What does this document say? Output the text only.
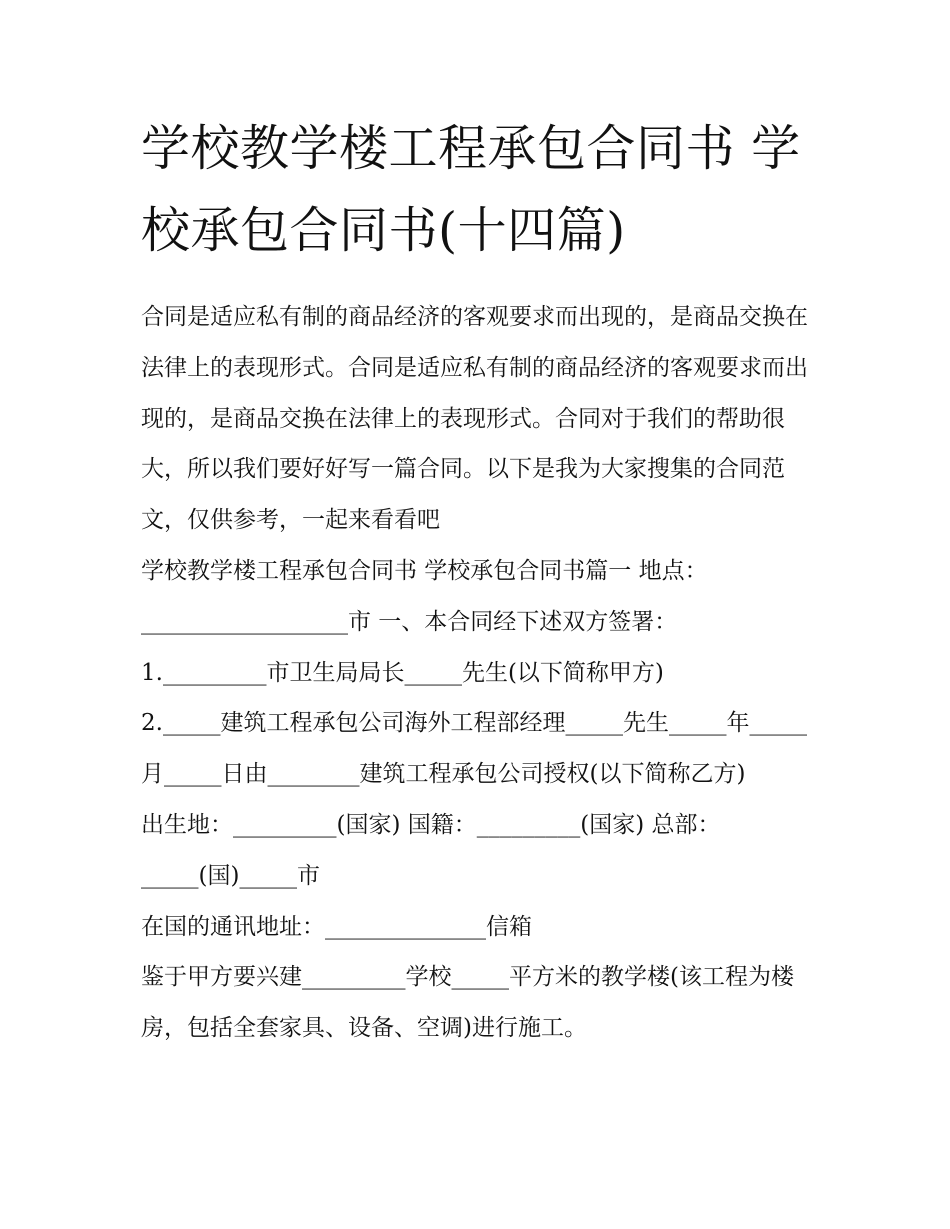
学校教学楼工程承包合同书 学校承包合同书(十四篇)

合同是适应私有制的商品经济的客观要求而出现的，是商品交换在法律上的表现形式。合同是适应私有制的商品经济的客观要求而出现的，是商品交换在法律上的表现形式。合同对于我们的帮助很大，所以我们要好好写一篇合同。以下是我为大家搜集的合同范文，仅供参考，一起来看看吧

学校教学楼工程承包合同书 学校承包合同书篇一 地点：

__________________市 一、本合同经下述双方签署：

1._________市卫生局局长_____先生(以下简称甲方)

2._____建筑工程承包公司海外工程部经理_____先生_____年_____月_____日由________建筑工程承包公司授权(以下简称乙方)

出生地：_________(国家) 国籍：_________(国家) 总部：_____(国)_____市

在国的通讯地址：______________信箱

鉴于甲方要兴建_________学校_____平方米的教学楼(该工程为楼房，包括全套家具、设备、空调)进行施工。
